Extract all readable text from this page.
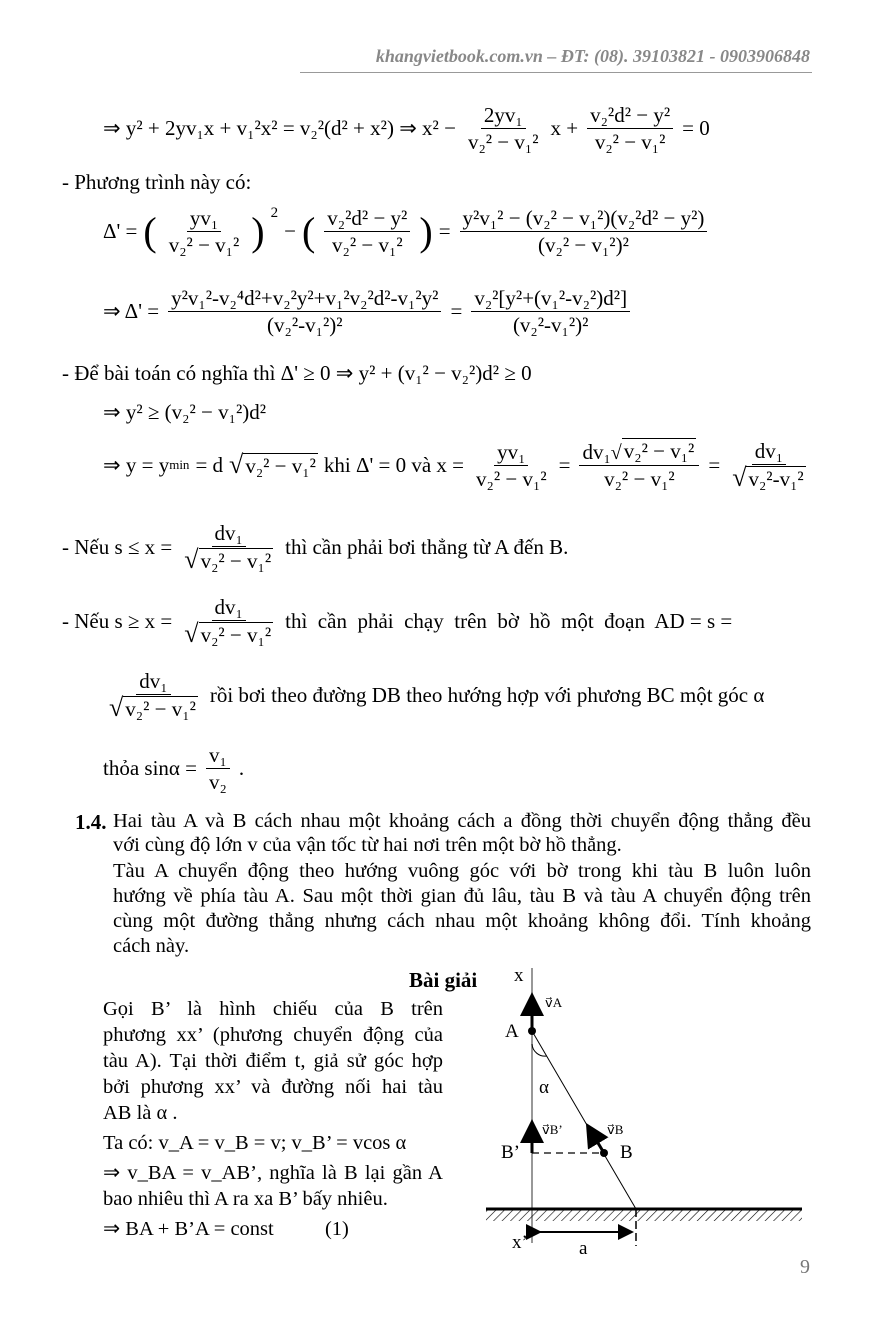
khangvietbook.com.vn – ĐT: (08). 39103821 - 0903906848
⇒ y² + 2yv₁x + v₁²x² = v₂²(d² + x²) ⇒ $x^2 - \frac{\text{2yv₁}}{\text{v₂² − v₁²}}$ $x + \frac{\text{v₂²d² − y²}}{\text{v₂² − v₁²}} = 0$
- Phương trình này có:
Δ' = ( yv₁
v₂² − v₁² ) $^2$
− ( v₂²d² − y²
v₂² − v₁² ) = $\frac{\text{y²v₁² − (v₂² − v₁²)(v₂²d² − y²)}}{\text{(v₂² − v₁²)²}}$
⇒ $\Delta' = \frac{\text{y²v₁²-v₂⁴d²+v₂²y²+v₁²v₂²d²-v₁²y²}}{\text{(v₂²-v₁²)²}} = \frac{\text{v₂²[y²+(v₁²-v₂²)d²]}}{\text{(v₂²-v₁²)²}}$
- Để bài toán có nghĩa thì Δ' ≥ 0 ⇒ y² + (v₁² − v₂²)d² ≥ 0
⇒ y² ≥ (v₂² − v₁²)d²
⇒ y = y min = d √ v₂² − v₁² khi Δ' = 0 và $x = \frac{\text{yv₁}}{\text{v₂² − v₁²}} = \frac{\text{dv₁ √ v₂² − v₁²}}{\text{v₂² − v₁²}} = \frac{\text{dv₁}}{\text{√ v₂²-v₁²}}$
- Nếu $s \le x = \frac{\text{dv₁}}{\text{√ v₂² − v₁²}}$ thì cần phải bơi thẳng từ A đến B.
- Nếu $s \ge x = \frac{\text{dv₁}}{\text{√ v₂² − v₁²}}$ thì  cần  phải  chạy  trên  bờ  hồ  một  đoạn  AD = s =
dv₁
√ v₂² − v₁²
rồi bơi theo đường DB theo hướng hợp với phương BC một góc α
thỏa $\sin\alpha = \frac{\text{v₁}}{\text{v₂}}$ .
1.4. Hai tàu A và B cách nhau một khoảng cách a đồng thời chuyển động thẳng đều
với cùng độ lớn v của vận tốc từ hai nơi trên một bờ hồ thẳng.
Tàu A chuyển động theo hướng vuông góc với bờ trong khi tàu B luôn luôn
hướng về phía tàu A. Sau một thời gian đủ lâu, tàu B và tàu A chuyển động trên
cùng một đường thẳng nhưng cách nhau một khoảng không đổi. Tính khoảng
cách này.
Bài giải
Gọi B’ là hình chiếu của B trên
phương xx’ (phương chuyển động của
tàu A). Tại thời điểm t, giả sử góc hợp
bởi phương xx’ và đường nối hai tàu
AB là α .
Ta có: v_A = v_B = v; v_B’ = vcos α
⇒ v_BA = v_AB’, nghĩa là B lại gần A
bao nhiêu thì A ra xa B’ bấy nhiêu.
⇒ BA + B’A = const          (1)
x
A
α
B’	B
x’	a
v⃗A
v⃗B’	v⃗B
9
